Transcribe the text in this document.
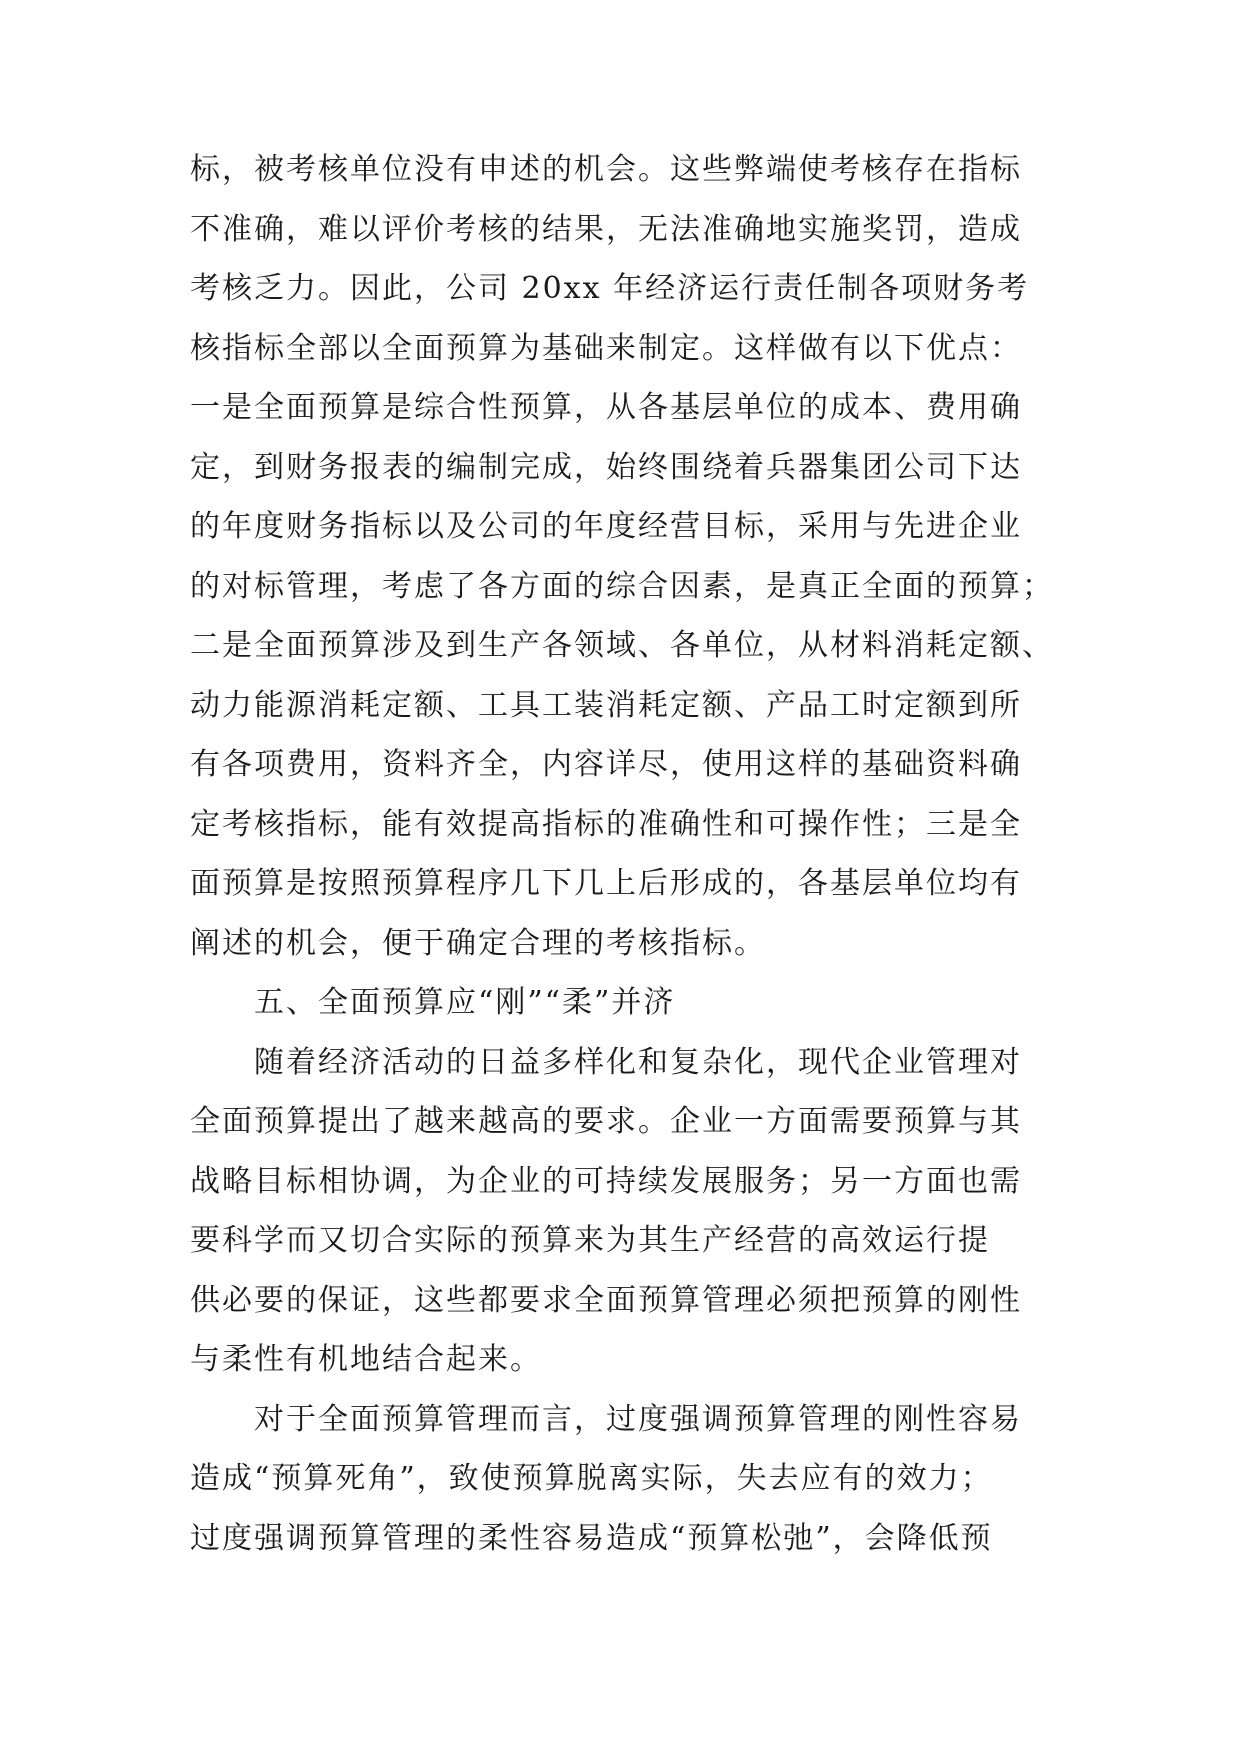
标，被考核单位没有申述的机会。这些弊端使考核存在指标
不准确，难以评价考核的结果，无法准确地实施奖罚，造成
考核乏力。因此，公司 20xx 年经济运行责任制各项财务考
核指标全部以全面预算为基础来制定。这样做有以下优点：
一是全面预算是综合性预算，从各基层单位的成本、费用确
定，到财务报表的编制完成，始终围绕着兵器集团公司下达
的年度财务指标以及公司的年度经营目标，采用与先进企业
的对标管理，考虑了各方面的综合因素，是真正全面的预算；
二是全面预算涉及到生产各领域、各单位，从材料消耗定额、
动力能源消耗定额、工具工装消耗定额、产品工时定额到所
有各项费用，资料齐全，内容详尽，使用这样的基础资料确
定考核指标，能有效提高指标的准确性和可操作性；三是全
面预算是按照预算程序几下几上后形成的，各基层单位均有
阐述的机会，便于确定合理的考核指标。
　　五、全面预算应“刚”“柔”并济
　　随着经济活动的日益多样化和复杂化，现代企业管理对
全面预算提出了越来越高的要求。企业一方面需要预算与其
战略目标相协调，为企业的可持续发展服务；另一方面也需
要科学而又切合实际的预算来为其生产经营的高效运行提
供必要的保证，这些都要求全面预算管理必须把预算的刚性
与柔性有机地结合起来。
　　对于全面预算管理而言，过度强调预算管理的刚性容易
造成“预算死角”，致使预算脱离实际，失去应有的效力；
过度强调预算管理的柔性容易造成“预算松弛”，会降低预
